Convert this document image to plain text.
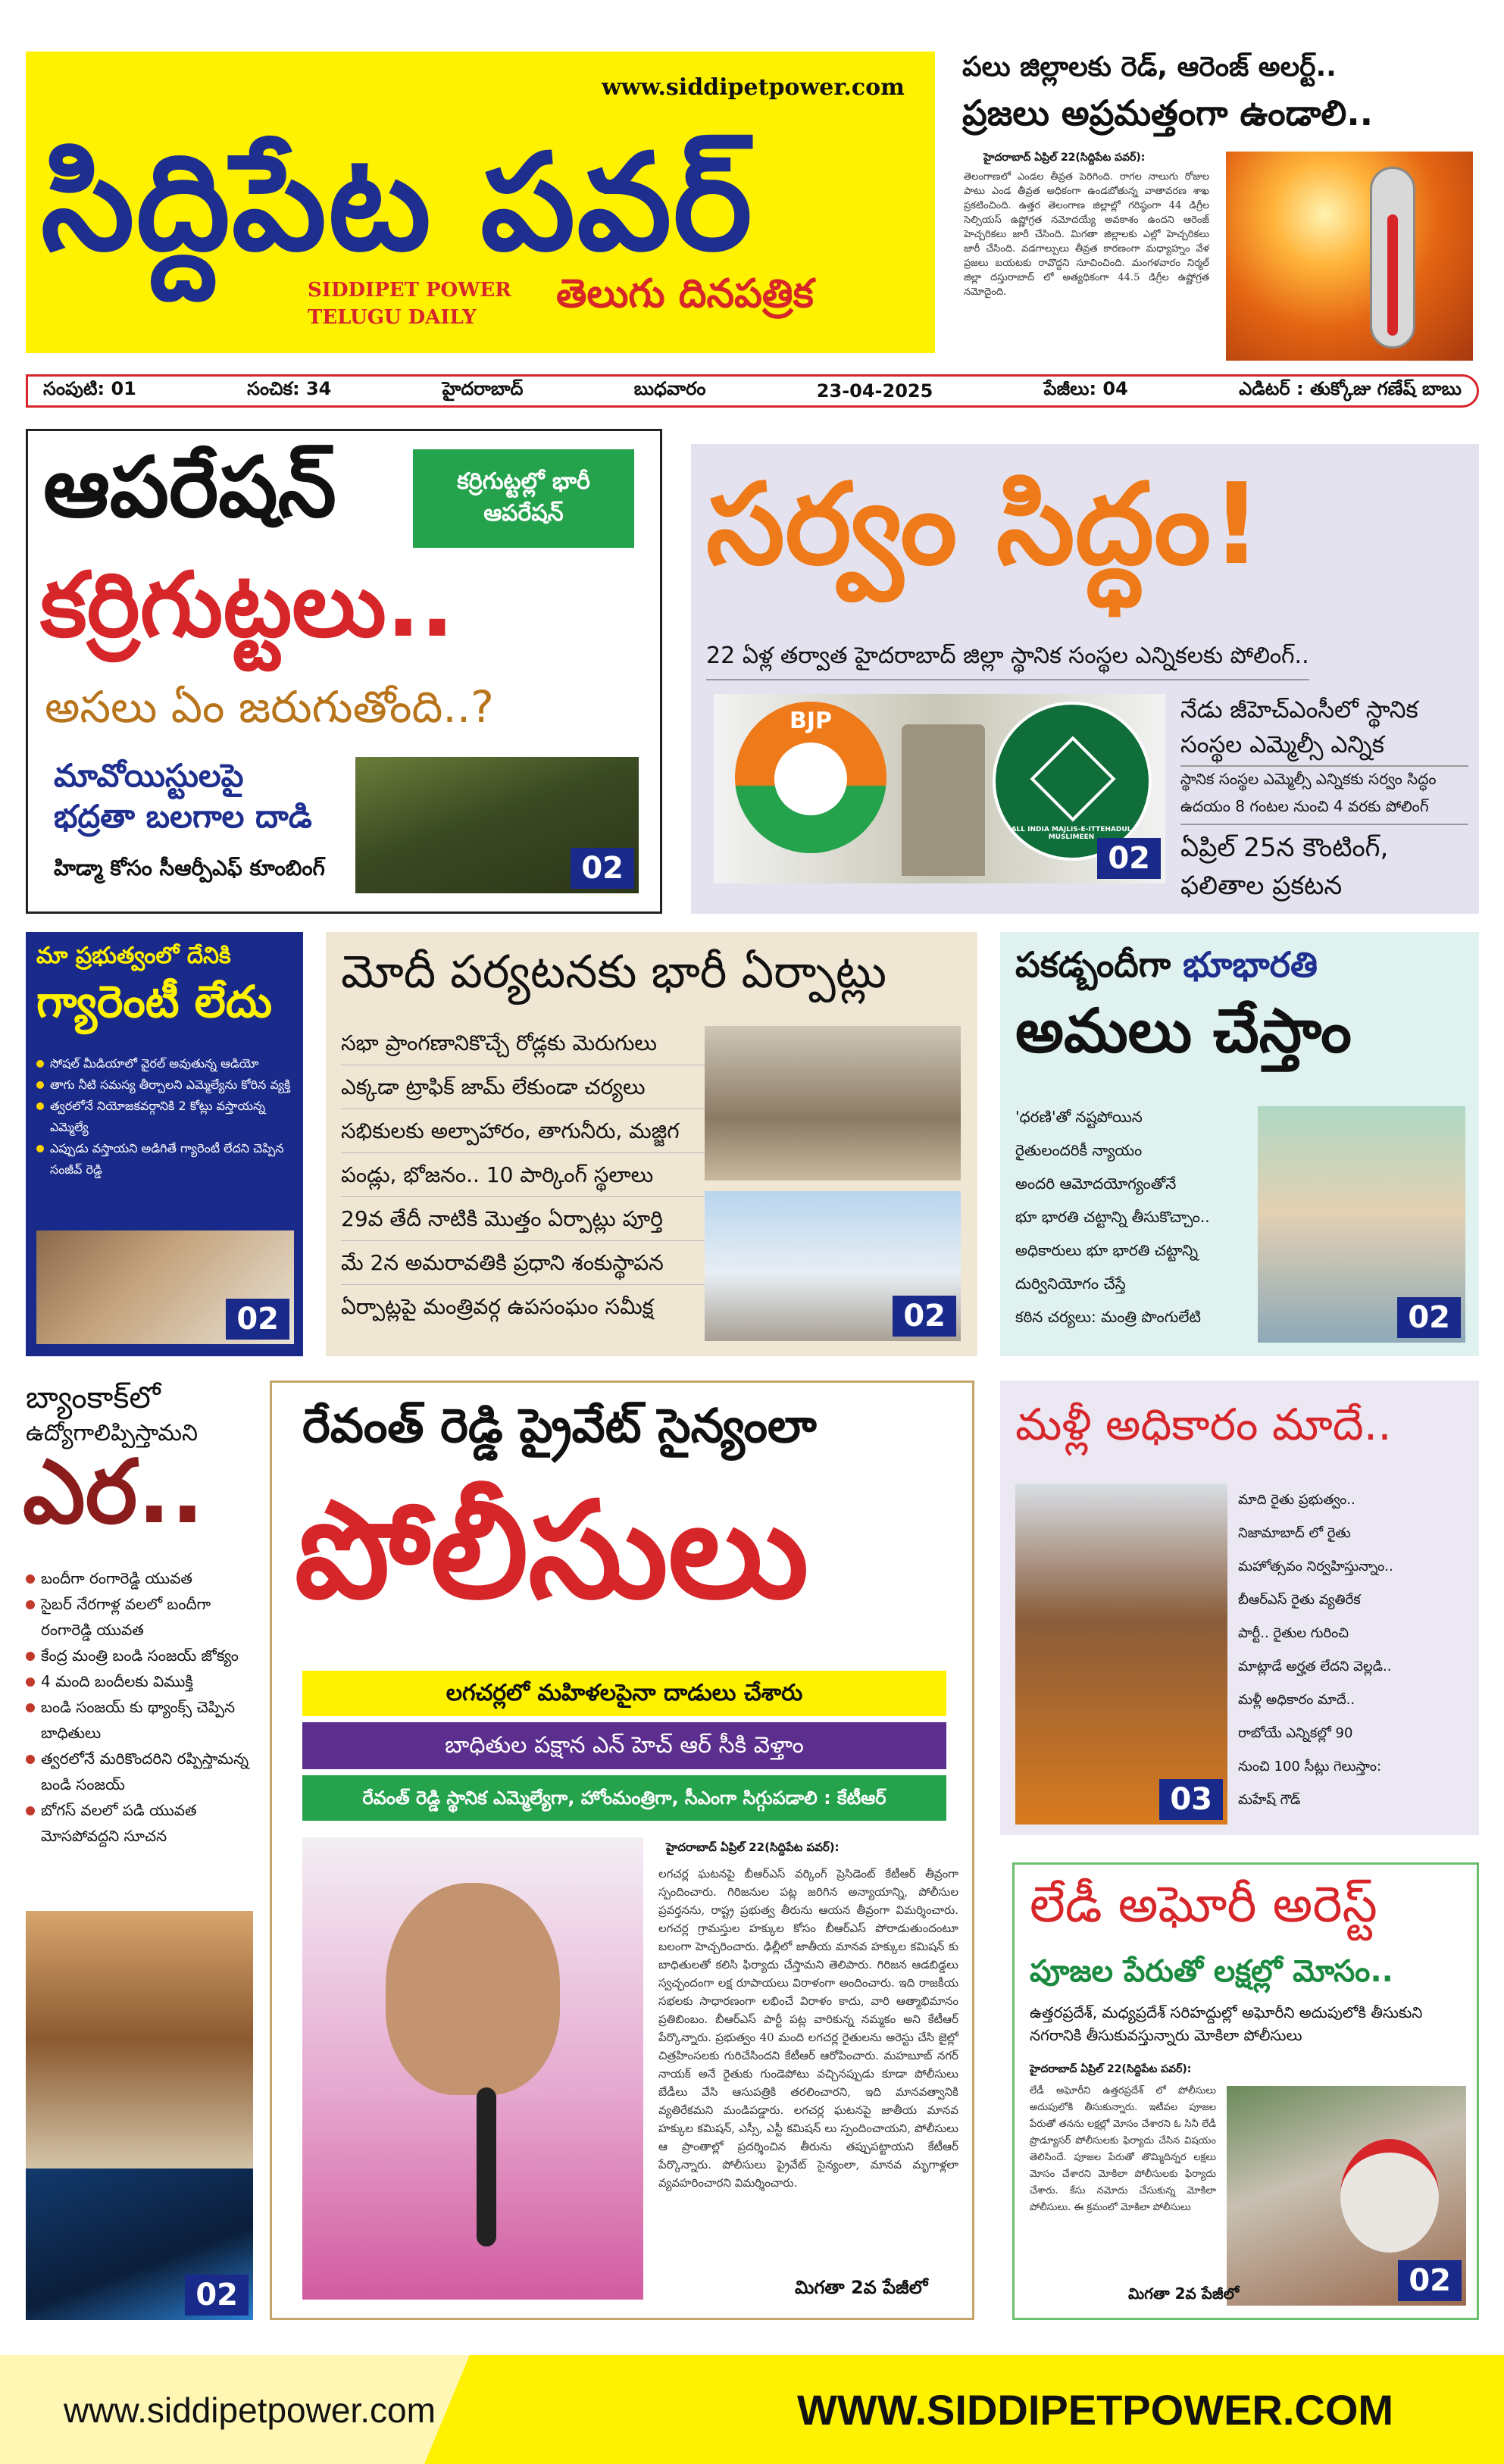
www.siddipetpower.com
సిద్దిపేట పవర్
SIDDIPET POWER
TELUGU DAILY
తెలుగు దినపత్రిక
పలు జిల్లాలకు రెడ్, ఆరెంజ్ అలర్ట్..
ప్రజలు అప్రమత్తంగా ఉండాలి..
హైదరాబాద్ ఏప్రిల్ 22(సిద్దిపేట పవర్):
తెలంగాణలో ఎండల తీవ్రత పెరిగింది. రాగల నాలుగు రోజుల పాటు ఎండ తీవ్రత అధికంగా ఉండబోతున్న వాతావరణ శాఖ ప్రకటించింది. ఉత్తర తెలంగాణ జిల్లాల్లో గరిష్ఠంగా 44 డిగ్రీల సెల్సియస్ ఉష్ణోగ్రత నమోదయ్యే అవకాశం ఉందని ఆరెంజ్ హెచ్చరికలు జారీ చేసింది. మిగతా జిల్లాలకు ఎల్లో హెచ్చరికలు జారీ చేసింది. వడగాల్పులు తీవ్రత కారణంగా మధ్యాహ్నం వేళ ప్రజలు బయటకు రావొద్దని సూచించింది. మంగళవారం నిర్మల్ జిల్లా దస్తురాబాద్ లో అత్యధికంగా 44.5 డిగ్రీల ఉష్ణోగ్రత నమోదైంది.
సంపుటి: 01	సంచిక: 34	హైదరాబాద్	బుధవారం	23-04-2025	పేజీలు: 04	ఎడిటర్ : తుక్కోజు గణేష్ బాబు
ఆపరేషన్	కర్రిగుట్టల్లో భారీ ఆపరేషన్
కర్రిగుట్టలు..
అసలు ఏం జరుగుతోంది..?
మావోయిస్టులపై
భద్రతా బలగాల దాడి
హిడ్మా కోసం సీఆర్పీఎఫ్ కూంబింగ్	02
సర్వం సిద్ధం!
22 ఏళ్ల తర్వాత హైదరాబాద్ జిల్లా స్థానిక సంస్థల ఎన్నికలకు పోలింగ్..
BJP
ALL INDIA MAJLIS-E-ITTEHADUL MUSLIMEEN
02
నేడు జీహెచ్ఎంసీలో స్థానిక సంస్థల ఎమ్మెల్సీ ఎన్నిక
స్థానిక సంస్థల ఎమ్మెల్సీ ఎన్నికకు సర్వం సిద్ధం
ఉదయం 8 గంటల నుంచి 4 వరకు పోలింగ్
ఏప్రిల్ 25న కౌంటింగ్, ఫలితాల ప్రకటన
మా ప్రభుత్వంలో దేనికి
గ్యారెంటీ లేదు
సోషల్ మీడియాలో వైరల్ అవుతున్న ఆడియో
తాగు నీటి సమస్య తీర్చాలని ఎమ్మెల్యేను కోరిన వ్యక్తి
త్వరలోనే నియోజకవర్గానికి 2 కోట్లు వస్తాయన్న ఎమ్మెల్యే
ఎప్పుడు వస్తాయని అడిగితే గ్యారెంటీ లేదని చెప్పిన సంజీవ్ రెడ్డి
02
మోదీ పర్యటనకు భారీ ఏర్పాట్లు
సభా ప్రాంగణానికొచ్చే రోడ్లకు మెరుగులు
ఎక్కడా ట్రాఫిక్ జామ్ లేకుండా చర్యలు
సభికులకు అల్పాహారం, తాగునీరు, మజ్జిగ
పండ్లు, భోజనం.. 10 పార్కింగ్ స్థలాలు
29వ తేదీ నాటికి మొత్తం ఏర్పాట్లు పూర్తి
మే 2న అమరావతికి ప్రధాని శంకుస్థాపన
ఏర్పాట్లపై మంత్రివర్గ ఉపసంఘం సమీక్ష	02
పకడ్బందీగా భూభారతి
అమలు చేస్తాం
'ధరణి'తో నష్టపోయిన
రైతులందరికీ న్యాయం
అందరి ఆమోదయోగ్యంతోనే
భూ భారతి చట్టాన్ని తీసుకొచ్చాం..
అధికారులు భూ భారతి చట్టాన్ని
దుర్వినియోగం చేస్తే
కఠిన చర్యలు: మంత్రి పొంగులేటి	02
బ్యాంకాక్‌లో
ఉద్యోగాలిప్పిస్తామని
ఎర..
బందీగా రంగారెడ్డి యువత
సైబర్ నేరగాళ్ల వలలో బందీగా రంగారెడ్డి యువత
కేంద్ర మంత్రి బండి సంజయ్ జోక్యం
4 మంది బందీలకు విముక్తి
బండి సంజయ్ కు థ్యాంక్స్ చెప్పిన బాధితులు
త్వరలోనే మరికొందరిని రప్పిస్తామన్న బండి సంజయ్
బోగస్ వలలో పడి యువత మోసపోవద్దని సూచన
02
రేవంత్ రెడ్డి ప్రైవేట్ సైన్యంలా
పోలీసులు
లగచర్లలో మహిళలపైనా దాడులు చేశారు
బాధితుల పక్షాన ఎన్ హెచ్ ఆర్ సీకి వెళ్తాం
రేవంత్ రెడ్డి స్థానిక ఎమ్మెల్యేగా, హోంమంత్రిగా, సీఎంగా సిగ్గుపడాలి : కేటీఆర్
హైదరాబాద్ ఏప్రిల్ 22(సిద్దిపేట పవర్):
లగచర్ల ఘటనపై బీఆర్ఎస్ వర్కింగ్ ప్రెసిడెంట్ కేటీఆర్ తీవ్రంగా స్పందించారు. గిరిజనుల పట్ల జరిగిన అన్యాయాన్ని, పోలీసుల ప్రవర్తనను, రాష్ట్ర ప్రభుత్వ తీరును ఆయన తీవ్రంగా విమర్శించారు. లగచర్ల గ్రామస్తుల హక్కుల కోసం బీఆర్ఎస్ పోరాడుతుందంటూ బలంగా హెచ్చరించారు. ఢిల్లీలో జాతీయ మానవ హక్కుల కమిషన్ కు బాధితులతో కలిసి ఫిర్యాదు చేస్తామని తెలిపారు. గిరిజన ఆడబిడ్డలు స్వచ్ఛందంగా లక్ష రూపాయలు విరాళంగా అందించారు. ఇది రాజకీయ సభలకు సాధారణంగా లభించే విరాళం కాదు, వారి ఆత్మాభిమానం ప్రతిబింబం. బీఆర్ఎస్ పార్టీ పట్ల వారికున్న నమ్మకం అని కేటీఆర్ పేర్కొన్నారు. ప్రభుత్వం 40 మంది లగచర్ల రైతులను అరెస్టు చేసి జైల్లో చిత్రహింసలకు గురిచేసిందని కేటీఆర్ ఆరోపించారు. మహబూబ్ నగర్ నాయక్ అనే రైతుకు గుండెపోటు వచ్చినప్పుడు కూడా పోలీసులు బేడీలు వేసి ఆసుపత్రికి తరలించారని, ఇది మానవత్వానికి వ్యతిరేకమని మండిపడ్డారు. లగచర్ల ఘటనపై జాతీయ మానవ హక్కుల కమిషన్, ఎస్సీ, ఎస్టీ కమిషన్ లు స్పందించాయని, పోలీసులు ఆ ప్రాంతాల్లో ప్రదర్శించిన తీరును తప్పుపట్టాయని కేటీఆర్ పేర్కొన్నారు. పోలీసులు ప్రైవేట్ సైన్యంలా, మానవ మృగాళ్లలా వ్యవహరించారని విమర్శించారు.
మిగతా 2వ పేజీలో
మళ్లీ అధికారం మాదే..
03
మాది రైతు ప్రభుత్వం..
నిజామాబాద్ లో రైతు
మహోత్సవం నిర్వహిస్తున్నాం..
బీఆర్ఎస్ రైతు వ్యతిరేక
పార్టీ.. రైతుల గురించి
మాట్లాడే అర్హత లేదని వెల్లడి..
మళ్లీ అధికారం మాదే..
రాబోయే ఎన్నికల్లో 90
నుంచి 100 సీట్లు గెలుస్తాం:
మహేష్ గౌడ్
లేడీ అఘోరీ అరెస్ట్
పూజల పేరుతో లక్షల్లో మోసం..
ఉత్తరప్రదేశ్, మధ్యప్రదేశ్ సరిహద్దుల్లో అఘోరీని అదుపులోకి తీసుకుని నగరానికి తీసుకువస్తున్నారు మోకిలా పోలీసులు
హైదరాబాద్ ఏప్రిల్ 22(సిద్దిపేట పవర్):
లేడీ అఘోరీని ఉత్తరప్రదేశ్ లో పోలీసులు అదుపులోకి తీసుకున్నారు. ఇటీవల పూజల పేరుతో తనను లక్షల్లో మోసం చేశారని ఓ సినీ లేడీ ప్రొడ్యూసర్ పోలీసులకు ఫిర్యాదు చేసిన విషయం తెలిసిందే. పూజల పేరుతో తొమ్మిదిన్నర లక్షలు మోసం చేశారని మోకిలా పోలీసులకు ఫిర్యాదు చేశారు. కేసు నమోదు చేసుకున్న మోకిలా పోలీసులు. ఈ క్రమంలో మోకిలా పోలీసులు
02
మిగతా 2వ పేజీలో
www.siddipetpower.com	WWW.SIDDIPETPOWER.COM
